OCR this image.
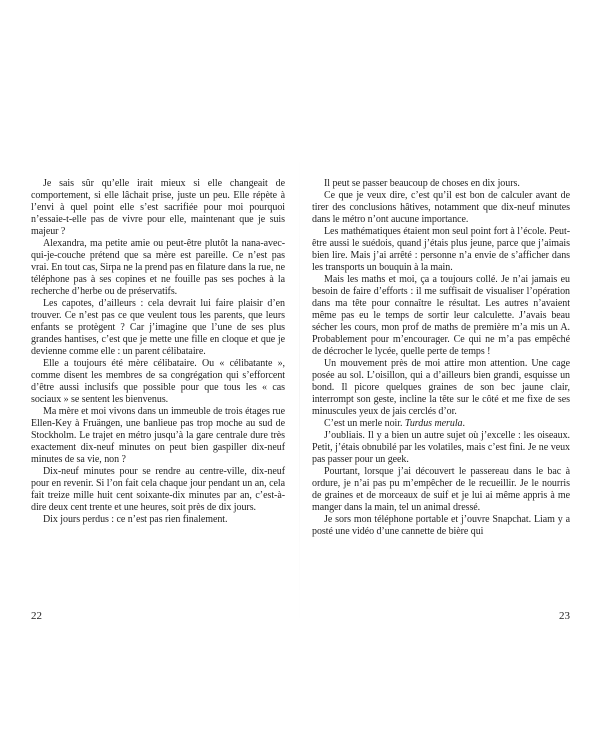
Je sais sûr qu’elle irait mieux si elle changeait de comportement, si elle lâchait prise, juste un peu. Elle répète à l’envi à quel point elle s’est sacrifiée pour moi pourquoi n’essaie-t-elle pas de vivre pour elle, maintenant que je suis majeur ?

Alexandra, ma petite amie ou peut-être plutôt la nana-avec-qui-je-couche prétend que sa mère est pareille. Ce n’est pas vrai. En tout cas, Sirpa ne la prend pas en filature dans la rue, ne téléphone pas à ses copines et ne fouille pas ses poches à la recherche d’herbe ou de préservatifs.

Les capotes, d’ailleurs : cela devrait lui faire plaisir d’en trouver. Ce n’est pas ce que veulent tous les parents, que leurs enfants se protègent ? Car j’imagine que l’une de ses plus grandes hantises, c’est que je mette une fille en cloque et que je devienne comme elle : un parent célibataire.

Elle a toujours été mère célibataire. Ou « célibatante », comme disent les membres de sa congrégation qui s’efforcent d’être aussi inclusifs que possible pour que tous les « cas sociaux » se sentent les bienvenus.

Ma mère et moi vivons dans un immeuble de trois étages rue Ellen-Key à Fruängen, une banlieue pas trop moche au sud de Stockholm. Le trajet en métro jusqu’à la gare centrale dure très exactement dix-neuf minutes on peut bien gaspiller dix-neuf minutes de sa vie, non ?

Dix-neuf minutes pour se rendre au centre-ville, dix-neuf pour en revenir. Si l’on fait cela chaque jour pendant un an, cela fait treize mille huit cent soixante-dix minutes par an, c’est-à-dire deux cent trente et une heures, soit près de dix jours.

Dix jours perdus : ce n’est pas rien finalement.

22

Il peut se passer beaucoup de choses en dix jours.

Ce que je veux dire, c’est qu’il est bon de calculer avant de tirer des conclusions hâtives, notamment que dix-neuf minutes dans le métro n’ont aucune importance.

Les mathématiques étaient mon seul point fort à l’école. Peut-être aussi le suédois, quand j’étais plus jeune, parce que j’aimais bien lire. Mais j’ai arrêté : personne n’a envie de s’afficher dans les transports un bouquin à la main.

Mais les maths et moi, ça a toujours collé. Je n’ai jamais eu besoin de faire d’efforts : il me suffisait de visualiser l’opération dans ma tête pour connaître le résultat. Les autres n’avaient même pas eu le temps de sortir leur calculette. J’avais beau sécher les cours, mon prof de maths de première m’a mis un A. Probablement pour m’encourager. Ce qui ne m’a pas empêché de décrocher le lycée, quelle perte de temps !

Un mouvement près de moi attire mon attention. Une cage posée au sol. L’oisillon, qui a d’ailleurs bien grandi, esquisse un bond. Il picore quelques graines de son bec jaune clair, interrompt son geste, incline la tête sur le côté et me fixe de ses minuscules yeux de jais cerclés d’or.

C’est un merle noir. Turdus merula.

J’oubliais. Il y a bien un autre sujet où j’excelle : les oiseaux. Petit, j’étais obnubilé par les volatiles, mais c’est fini. Je ne veux pas passer pour un geek.

Pourtant, lorsque j’ai découvert le passereau dans le bac à ordure, je n’ai pas pu m’empêcher de le recueillir. Je le nourris de graines et de morceaux de suif et je lui ai même appris à me manger dans la main, tel un animal dressé.

Je sors mon téléphone portable et j’ouvre Snapchat. Liam y a posté une vidéo d’une cannette de bière qui

23
